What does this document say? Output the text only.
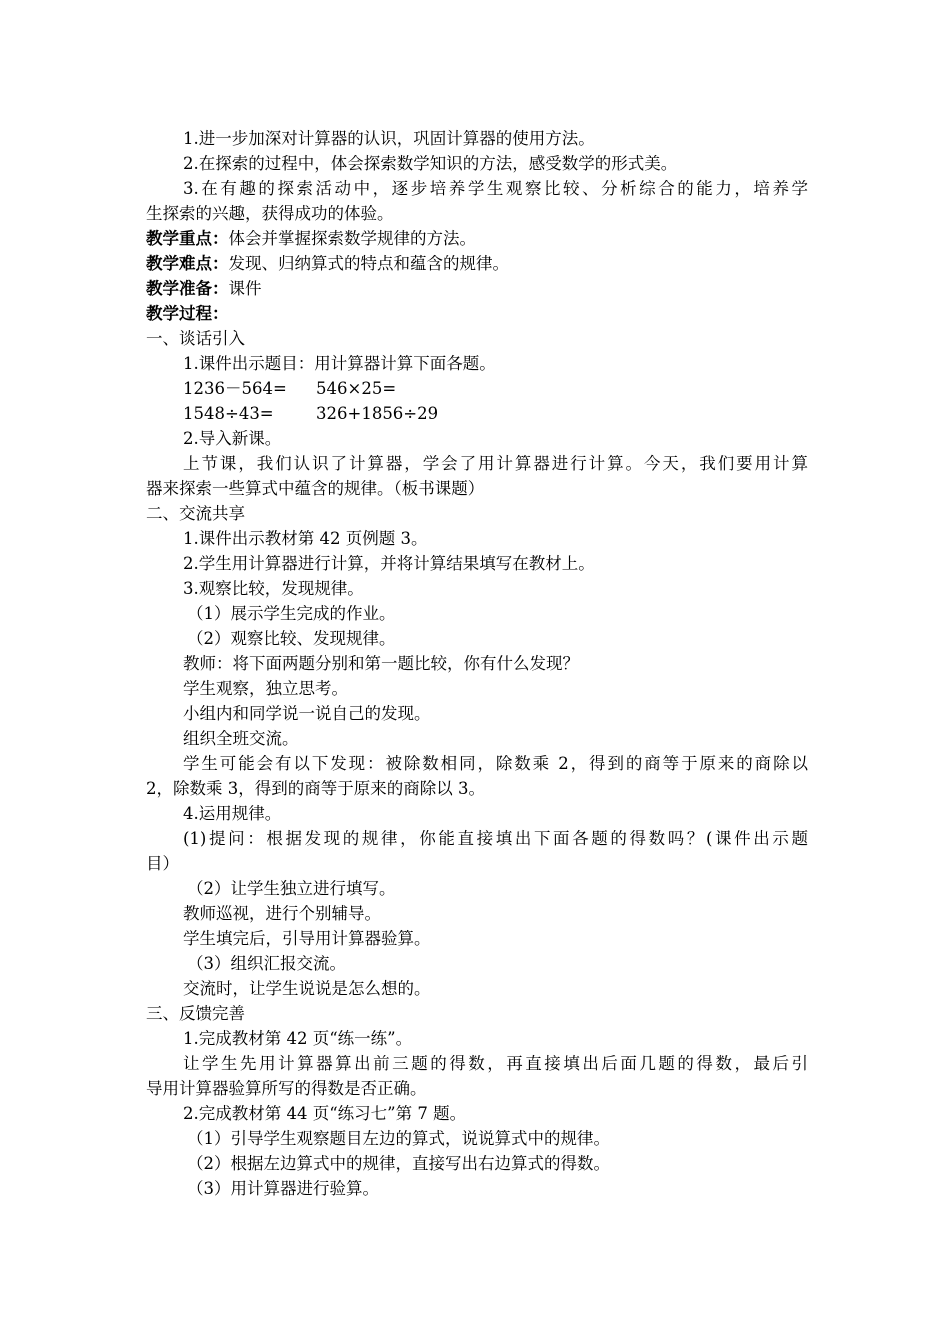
1.进一步加深对计算器的认识，巩固计算器的使用方法。
2.在探索的过程中，体会探索数学知识的方法，感受数学的形式美。
3.在有趣的探索活动中，逐步培养学生观察比较、分析综合的能力，培养学
生探索的兴趣，获得成功的体验。
教学重点：体会并掌握探索数学规律的方法。
教学难点：发现、归纳算式的特点和蕴含的规律。
教学准备：课件
教学过程：
一、谈话引入
1.课件出示题目：用计算器计算下面各题。
1236－564= 546×25=
1548÷43=	326+1856÷29
2.导入新课。
上节课，我们认识了计算器，学会了用计算器进行计算。今天，我们要用计算
器来探索一些算式中蕴含的规律。（板书课题）
二、交流共享
1.课件出示教材第 42 页例题 3。
2.学生用计算器进行计算，并将计算结果填写在教材上。
3.观察比较，发现规律。
（1）展示学生完成的作业。
（2）观察比较、发现规律。
教师：将下面两题分别和第一题比较，你有什么发现？
学生观察，独立思考。
小组内和同学说一说自己的发现。
组织全班交流。
学生可能会有以下发现：被除数相同，除数乘 2，得到的商等于原来的商除以
2，除数乘 3，得到的商等于原来的商除以 3。
4.运用规律。
(1)提问：根据发现的规律，你能直接填出下面各题的得数吗？(课件出示题
目）
（2）让学生独立进行填写。
教师巡视，进行个别辅导。
学生填完后，引导用计算器验算。
（3）组织汇报交流。
交流时，让学生说说是怎么想的。
三、反馈完善
1.完成教材第 42 页“练一练”。
让学生先用计算器算出前三题的得数，再直接填出后面几题的得数，最后引
导用计算器验算所写的得数是否正确。
2.完成教材第 44 页“练习七”第 7 题。
（1）引导学生观察题目左边的算式，说说算式中的规律。
（2）根据左边算式中的规律，直接写出右边算式的得数。
（3）用计算器进行验算。
